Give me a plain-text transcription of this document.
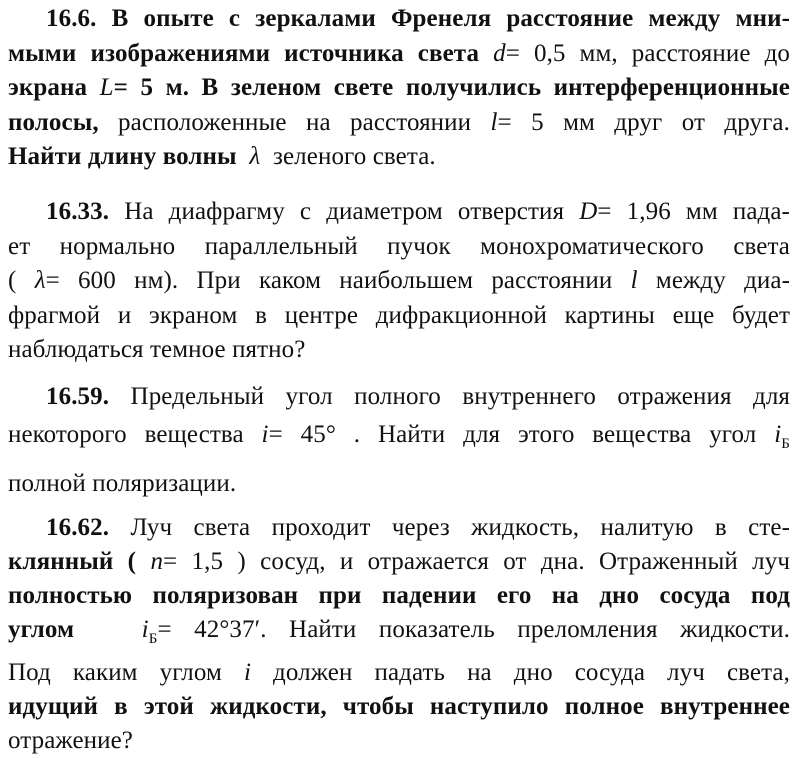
16.6. В опыте с зеркалами Френеля расстояние между мни-
мыми изображениями источника света d= 0,5 мм, расстояние до
экрана L= 5 м. В зеленом свете получились интерференционные
полосы, расположенные на расстоянии l= 5 мм друг от друга.
Найти длину волны λ зеленого света.
16.33. На диафрагму с диаметром отверстия D= 1,96 мм пада-
ет нормально параллельный пучок монохроматического света
( λ= 600 нм). При каком наибольшем расстоянии l между диа-
фрагмой и экраном в центре дифракционной картины еще будет
наблюдаться темное пятно?
16.59. Предельный угол полного внутреннего отражения для
некоторого вещества i= 45° . Найти для этого вещества угол $i_Б$
полной поляризации.
16.62. Луч света проходит через жидкость, налитую в сте-
клянный ( n= 1,5 ) сосуд, и отражается от дна. Отраженный луч
полностью поляризован при падении его на дно сосуда под
углом	$i_Б= 42^\circ 37'$. Найти показатель преломления жидкости.
Под каким углом i должен падать на дно сосуда луч света,
идущий в этой жидкости, чтобы наступило полное внутреннее
отражение?
